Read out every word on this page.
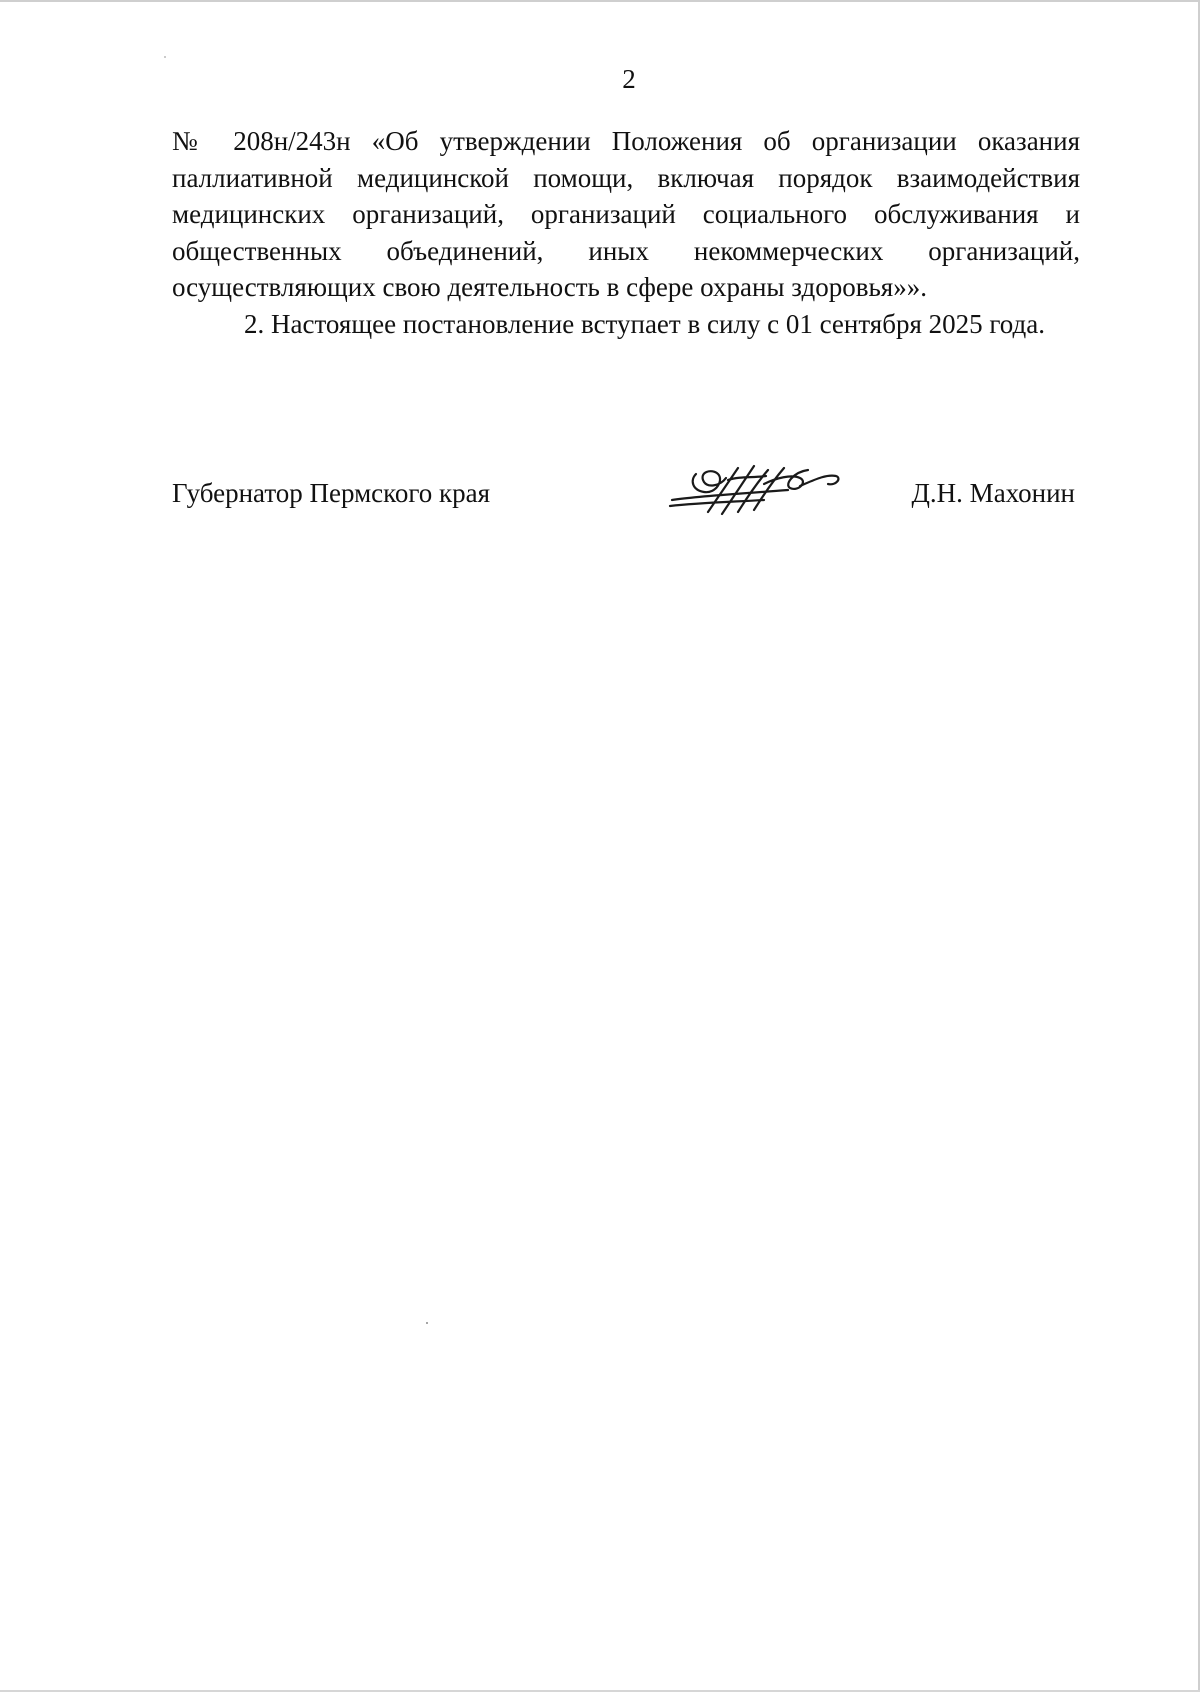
2

№ 208н/243н «Об утверждении Положения об организации оказания паллиативной медицинской помощи, включая порядок взаимодействия медицинских организаций, организаций социального обслуживания и общественных объединений, иных некоммерческих организаций, осуществляющих свою деятельность в сфере охраны здоровья»».

2. Настоящее постановление вступает в силу с 01 сентября 2025 года.

Губернатор Пермского края	Д.Н. Махонин
